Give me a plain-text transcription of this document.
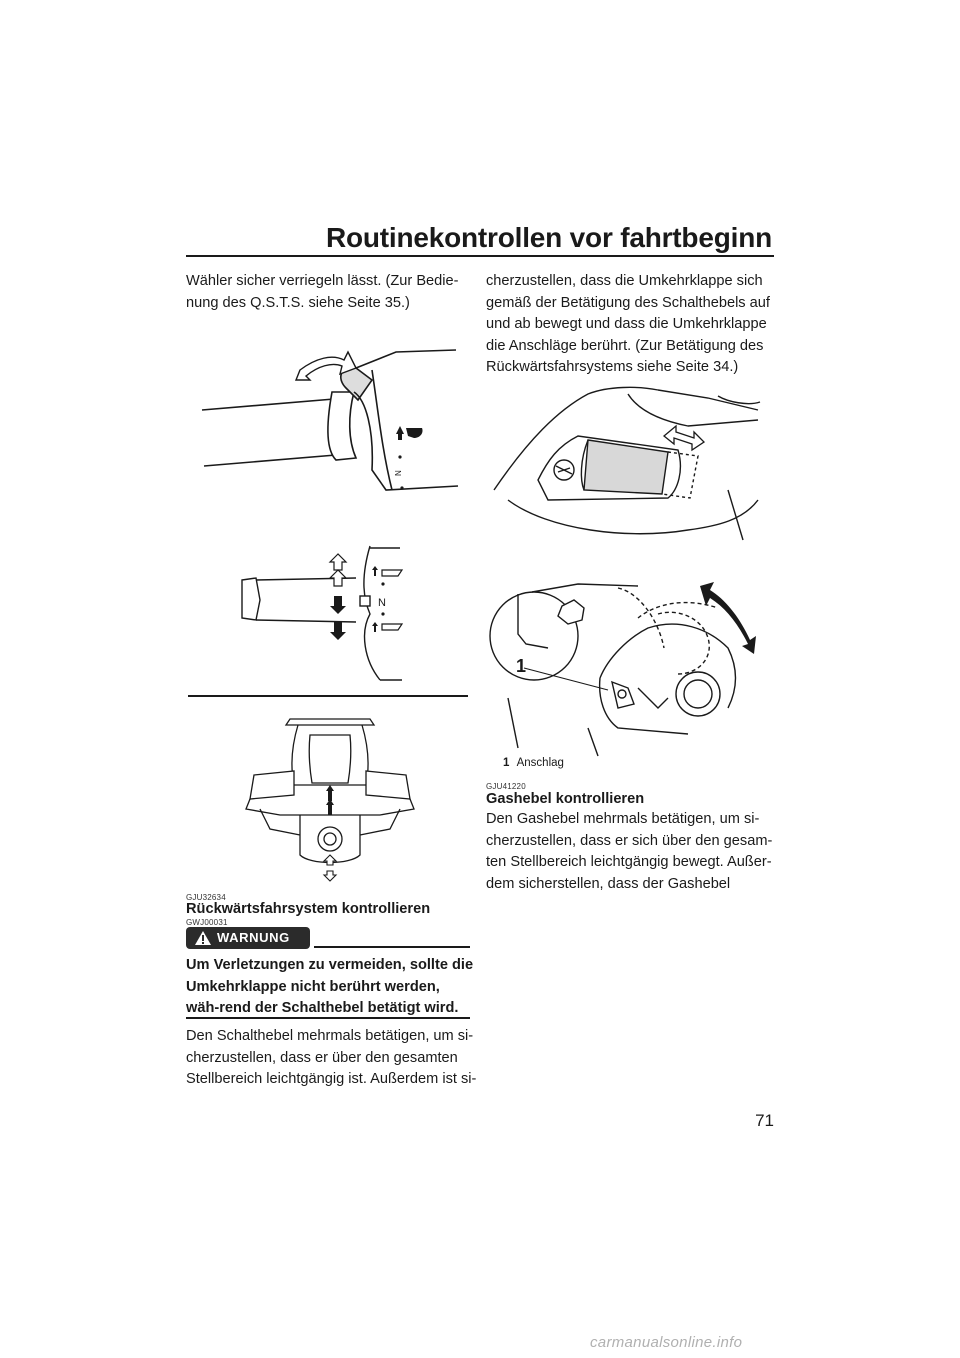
Routinekontrollen vor fahrtbeginn
Wähler sicher verriegeln lässt. (Zur Bedie-
nung des Q.S.T.S. siehe Seite 35.)
N
N
GJU32634
Rückwärtsfahrsystem kontrollieren
GWJ00031
WARNUNG
Um Verletzungen zu vermeiden, sollte die Umkehrklappe nicht berührt werden, wäh-rend der Schalthebel betätigt wird.
Den Schalthebel mehrmals betätigen, um si-
cherzustellen, dass er über den gesamten
Stellbereich leichtgängig ist. Außerdem ist si-
cherzustellen, dass die Umkehrklappe sich
gemäß der Betätigung des Schalthebels auf
und ab bewegt und dass die Umkehrklappe
die Anschläge berührt. (Zur Betätigung des
Rückwärtsfahrsystems siehe Seite 34.)
1
1 Anschlag
GJU41220
Gashebel kontrollieren
Den Gashebel mehrmals betätigen, um si-
cherzustellen, dass er sich über den gesam-
ten Stellbereich leichtgängig bewegt. Außer-
dem sicherstellen, dass der Gashebel
71
carmanualsonline.info
